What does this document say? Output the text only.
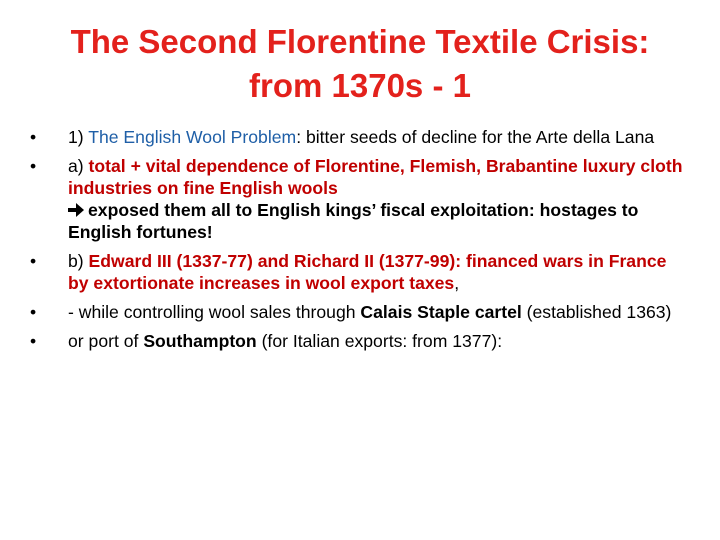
The Second Florentine Textile Crisis:
from 1370s - 1
• 1) The English Wool Problem: bitter seeds of decline for the Arte della Lana
• a) total + vital dependence of Florentine, Flemish, Brabantine luxury cloth industries on fine English wools
exposed them all to English kings’ fiscal exploitation: hostages to English fortunes!
• b) Edward III (1337-77) and Richard II (1377-99): financed wars in France by extortionate increases in wool export taxes,
• - while controlling wool sales through Calais Staple cartel (established 1363)
• or port of Southampton (for Italian exports: from 1377):
